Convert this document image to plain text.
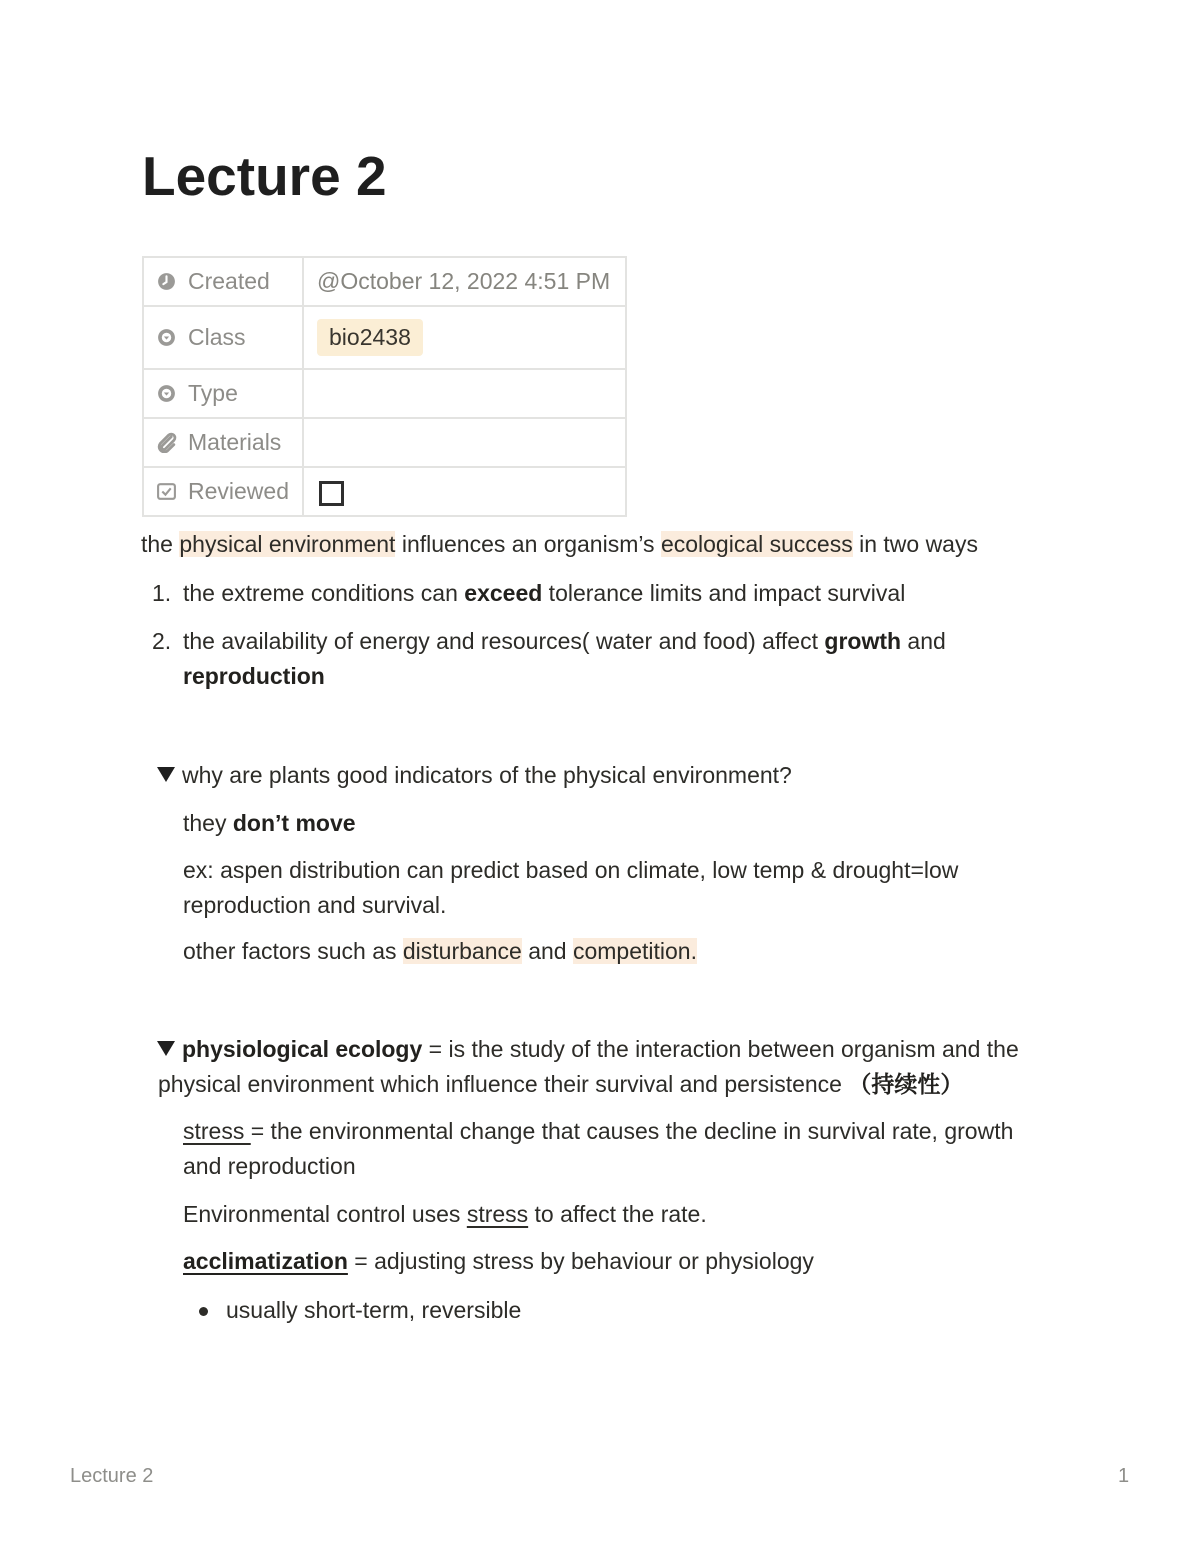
Lecture 2
Created	@October 12, 2022 4:51 PM

Class	bio2438

Type	

Materials	

Reviewed	

the physical environment influences an organism’s ecological success in two ways
1. the extreme conditions can exceed tolerance limits and impact survival
2. the availability of energy and resources( water and food) affect growth and
reproduction
why are plants good indicators of the physical environment?
they don’t move
ex: aspen distribution can predict based on climate, low temp & drought=low
reproduction and survival.
other factors such as disturbance and competition.
physiological ecology = is the study of the interaction between organism and the
physical environment which influence their survival and persistence （持续性）
stress = the environmental change that causes the decline in survival rate, growth
and reproduction
Environmental control uses stress to affect the rate.
acclimatization = adjusting stress by behaviour or physiology
usually short-term, reversible
Lecture 2	1
